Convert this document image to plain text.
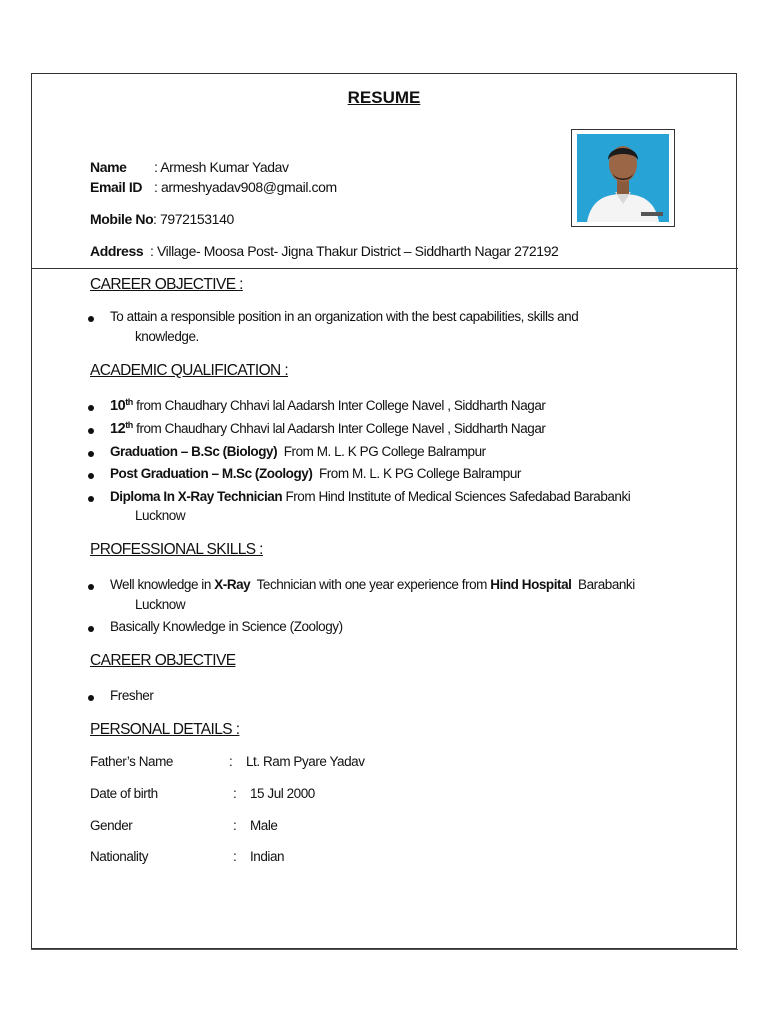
RESUME
Name : Armesh Kumar Yadav
Email ID : armeshyadav908@gmail.com
Mobile No : 7972153140
Address : Village- Moosa Post- Jigna Thakur District – Siddharth Nagar 272192
CAREER OBJECTIVE :
To attain a responsible position in an organization with the best capabilities, skills and
knowledge.
ACADEMIC QUALIFICATION :
10th from Chaudhary Chhavi lal Aadarsh Inter College Navel , Siddharth Nagar
12th from Chaudhary Chhavi lal Aadarsh Inter College Navel , Siddharth Nagar
Graduation – B.Sc (Biology)  From M. L. K PG College Balrampur
Post Graduation – M.Sc (Zoology)  From M. L. K PG College Balrampur
Diploma In X-Ray Technician From Hind Institute of Medical Sciences Safedabad Barabanki
Lucknow
PROFESSIONAL SKILLS :
Well knowledge in X-Ray  Technician with one year experience from Hind Hospital  Barabanki
Lucknow
Basically Knowledge in Science (Zoology)
CAREER OBJECTIVE
Fresher
PERSONAL DETAILS :
Father’s Name	: Lt. Ram Pyare Yadav
Date of birth	: 15 Jul 2000
Gender	: Male
Nationality	: Indian
